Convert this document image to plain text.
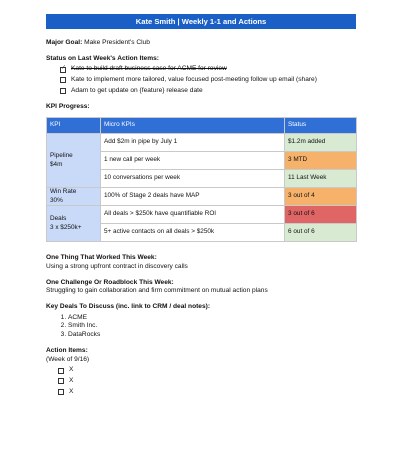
Kate Smith | Weekly 1-1 and Actions
Major Goal: Make President's Club
Status on Last Week's Action Items:
✓
Kate to build draft business case for ACME for review
Kate to implement more tailored, value focused post-meeting follow up email (share)
Adam to get update on {feature} release date
KPI Progress:
KPI	Micro KPIs	Status
Pipeline
$4m	Add $2m in pipe by July 1	$1.2m added
	1 new call per week	3 MTD
	10 conversations per week	11 Last Week
Win Rate
30%	100% of Stage 2 deals have MAP	3 out of 4
Deals
3 x $250k+	All deals > $250k have quantifiable ROI	3 out of 6
	5+ active contacts on all deals > $250k	6 out of 6
One Thing That Worked This Week:
Using a strong upfront contract in discovery calls
One Challenge Or Roadblock This Week:
Struggling to gain collaboration and firm commitment on mutual action plans
Key Deals To Discuss (inc. link to CRM / deal notes):
1. ACME
2. Smith Inc.
3. DataRocks
Action Items:
(Week of 9/16)
X
X
X
